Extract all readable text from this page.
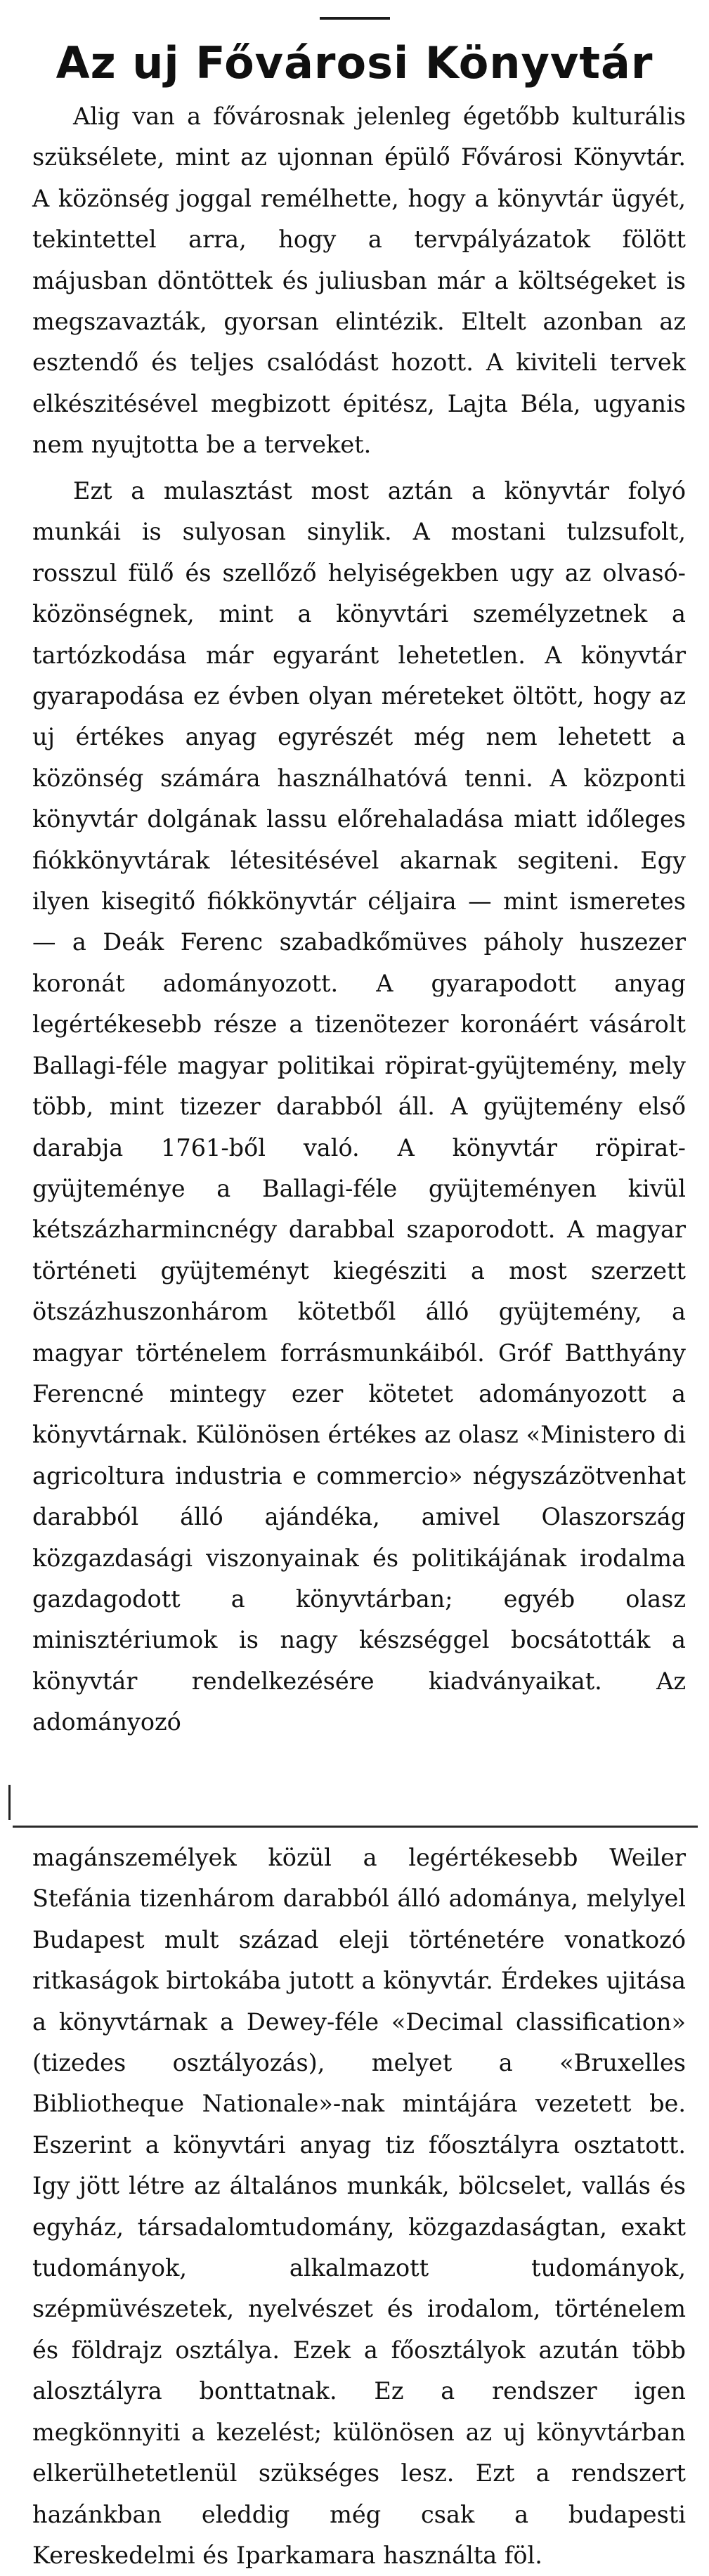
Az uj Fővárosi Könyvtár

Alig van a fővárosnak jelenleg égetőbb kulturális szüksélete, mint az ujonnan épülő Fővárosi Könyvtár. A közönség joggal remélhette, hogy a könyvtár ügyét, tekintettel arra, hogy a tervpályázatok fölött májusban döntöttek és juliusban már a költségeket is megszavazták, gyorsan elintézik. Eltelt azonban az esztendő és teljes csalódást hozott. A kiviteli tervek elkészitésével megbizott épitész, Lajta Béla, ugyanis nem nyujtotta be a terveket.

Ezt a mulasztást most aztán a könyvtár folyó munkái is sulyosan sinylik. A mostani tulzsufolt, rosszul fülő és szellőző helyiségekben ugy az olvasó-közönségnek, mint a könyvtári személyzetnek a tartózkodása már egyaránt lehetetlen. A könyvtár gyarapodása ez évben olyan méreteket öltött, hogy az uj értékes anyag egyrészét még nem lehetett a közönség számára használhatóvá tenni. A központi könyvtár dolgának lassu előrehaladása miatt időleges fiókkönyvtárak létesitésével akarnak segiteni. Egy ilyen kisegitő fiókkönyvtár céljaira — mint ismeretes — a Deák Ferenc szabadkőmüves páholy huszezer koronát adományozott. A gyarapodott anyag legértékesebb része a tizenötezer koronáért vásárolt Ballagi-féle magyar politikai röpirat-gyüjtemény, mely több, mint tizezer darabból áll. A gyüjtemény első darabja 1761-ből való. A könyvtár röpirat-gyüjteménye a Ballagi-féle gyüjteményen kivül kétszázharmincnégy darabbal szaporodott. A magyar történeti gyüjteményt kiegésziti a most szerzett ötszázhuszonhárom kötetből álló gyüjtemény, a magyar történelem forrásmunkáiból. Gróf Batthyány Ferencné mintegy ezer kötetet adományozott a könyvtárnak. Különösen értékes az olasz «Ministero di agricoltura industria e commercio» négyszázötvenhat darabból álló ajándéka, amivel Olaszország közgazdasági viszonyainak és politikájának irodalma gazdagodott a könyvtárban; egyéb olasz minisztériumok is nagy készséggel bocsátották a könyvtár rendelkezésére kiadványaikat. Az adományozó

magánszemélyek közül a legértékesebb Weiler Stefánia tizenhárom darabból álló adománya, melylyel Budapest mult század eleji történetére vonatkozó ritkaságok birtokába jutott a könyvtár. Érdekes ujitása a könyvtárnak a Dewey-féle «Decimal classification» (tizedes osztályozás), melyet a «Bruxelles Bibliotheque Nationale»-nak mintájára vezetett be. Eszerint a könyvtári anyag tiz főosztályra osztatott. Igy jött létre az általános munkák, bölcselet, vallás és egyház, társadalomtudomány, közgazdaságtan, exakt tudományok, alkalmazott tudományok, szépmüvészetek, nyelvészet és irodalom, történelem és földrajz osztálya. Ezek a főosztályok azután több alosztályra bonttatnak. Ez a rendszer igen megkönnyiti a kezelést; különösen az uj könyvtárban elkerülhetetlenül szükséges lesz. Ezt a rendszert hazánkban eleddig még csak a budapesti Kereskedelmi és Iparkamara használta föl.
